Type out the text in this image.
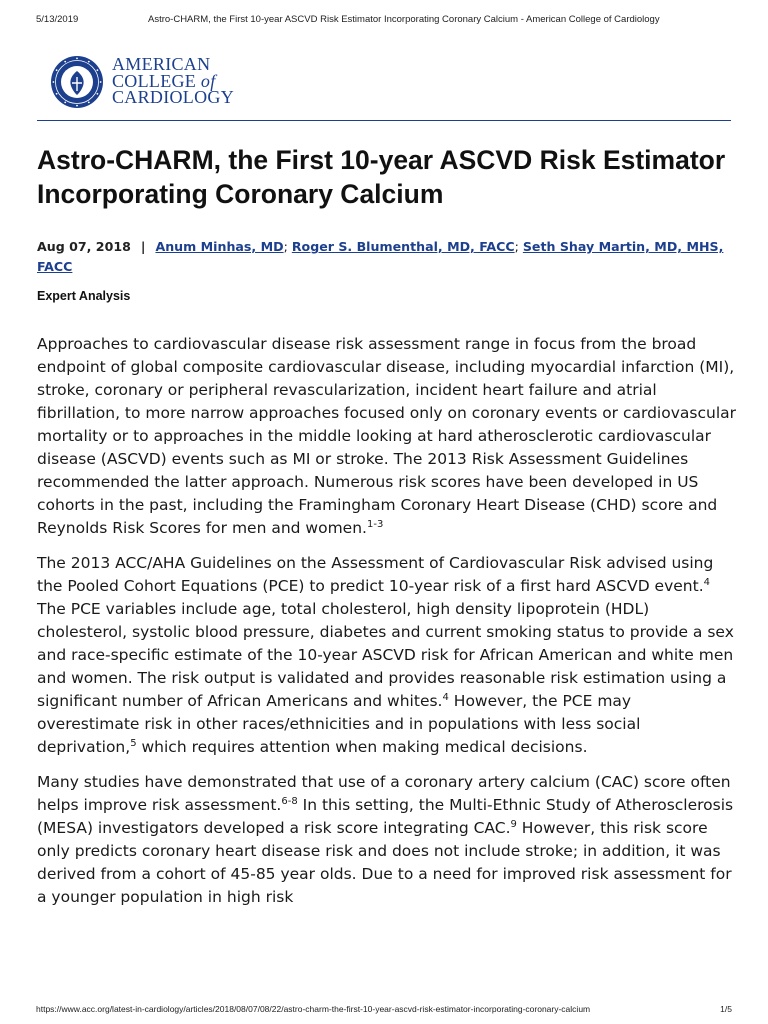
5/13/2019	Astro-CHARM, the First 10-year ASCVD Risk Estimator Incorporating Coronary Calcium - American College of Cardiology
AMERICAN
COLLEGE of
CARDIOLOGY
Astro-CHARM, the First 10-year ASCVD Risk Estimator Incorporating Coronary Calcium
Aug 07, 2018 | Anum Minhas, MD; Roger S. Blumenthal, MD, FACC; Seth Shay Martin, MD, MHS, FACC
Expert Analysis

Approaches to cardiovascular disease risk assessment range in focus from the broad endpoint of global composite cardiovascular disease, including myocardial infarction (MI), stroke, coronary or peripheral revascularization, incident heart failure and atrial fibrillation, to more narrow approaches focused only on coronary events or cardiovascular mortality or to approaches in the middle looking at hard atherosclerotic cardiovascular disease (ASCVD) events such as MI or stroke. The 2013 Risk Assessment Guidelines recommended the latter approach. Numerous risk scores have been developed in US cohorts in the past, including the Framingham Coronary Heart Disease (CHD) score and Reynolds Risk Scores for men and women.$^{1-3}$

The 2013 ACC/AHA Guidelines on the Assessment of Cardiovascular Risk advised using the Pooled Cohort Equations (PCE) to predict 10-year risk of a first hard ASCVD event.$^4$ The PCE variables include age, total cholesterol, high density lipoprotein (HDL) cholesterol, systolic blood pressure, diabetes and current smoking status to provide a sex and race-specific estimate of the 10-year ASCVD risk for African American and white men and women. The risk output is validated and provides reasonable risk estimation using a significant number of African Americans and whites.$^4$ However, the PCE may overestimate risk in other races/ethnicities and in populations with less social deprivation,$^5$ which requires attention when making medical decisions.

Many studies have demonstrated that use of a coronary artery calcium (CAC) score often helps improve risk assessment.$^{6-8}$ In this setting, the Multi-Ethnic Study of Atherosclerosis (MESA) investigators developed a risk score integrating CAC.$^9$ However, this risk score only predicts coronary heart disease risk and does not include stroke; in addition, it was derived from a cohort of 45-85 year olds. Due to a need for improved risk assessment for a younger population in high risk

https://www.acc.org/latest-in-cardiology/articles/2018/08/07/08/22/astro-charm-the-first-10-year-ascvd-risk-estimator-incorporating-coronary-calcium	1/5
